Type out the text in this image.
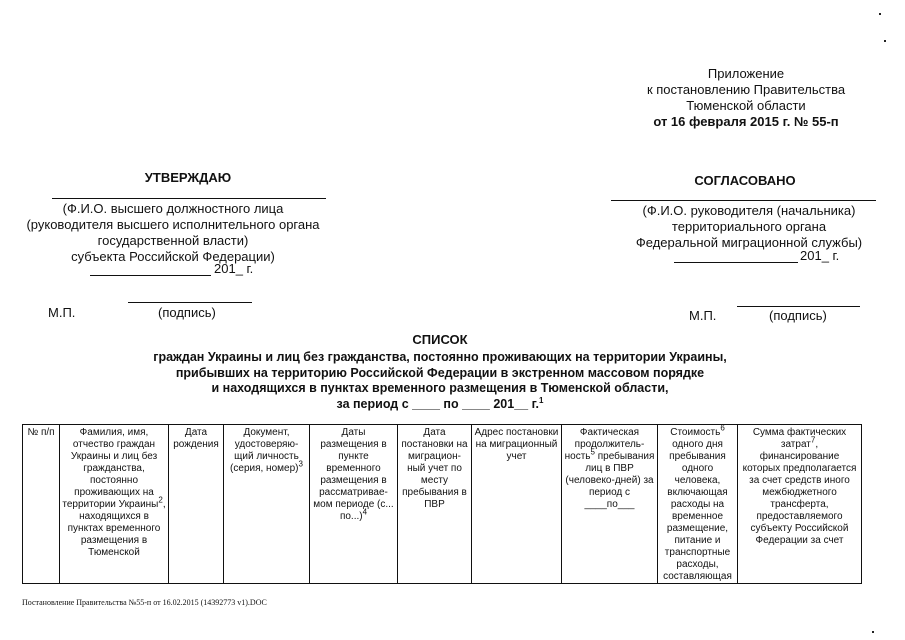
Приложение
к постановлению Правительства
Тюменской области
от 16 февраля 2015 г. № 55-п
УТВЕРЖДАЮ
(Ф.И.О. высшего должностного лица
(руководителя высшего исполнительного органа
государственной власти)
субъекта Российской Федерации)
201_ г.
М.П.	(подпись)
СОГЛАСОВАНО
(Ф.И.О. руководителя (начальника)
территориального органа
Федеральной миграционной службы)
201_ г.
М.П.	(подпись)
СПИСОК
граждан Украины и лиц без гражданства, постоянно проживающих на территории Украины,
прибывших на территорию Российской Федерации в экстренном массовом порядке
и находящихся в пунктах временного размещения в Тюменской области,
за период с ____ по ____ 201__ г.$^1$
№ п/п	Фамилия, имя, отчество граждан Украины и лиц без гражданства, постоянно проживающих на территории Украины$^2$, находящихся в пунктах временного размещения в Тюменской	Дата рождения	Документ, удостоверяю-щий личность (серия, номер)$^3$	Даты размещения в пункте временного размещения в рассматривае-мом периоде (с... по...)$^4$	Дата постановки на миграцион-ный учет по месту пребывания в ПВР	Адрес постановки на миграционный учет	Фактическая продолжитель-ность$^5$ пребывания лиц в ПВР (человеко-дней) за период с ____по___	Стоимость$^6$ одного дня пребывания одного человека, включающая расходы на временное размещение, питание и транспортные расходы, составляющая	Сумма фактических затрат$^7$, финансирование которых предполагается за счет средств иного межбюджетного трансферта, предоставляемого субъекту Российской Федерации за счет
Постановление Правительства №55-п от 16.02.2015 (14392773 v1).DOC
